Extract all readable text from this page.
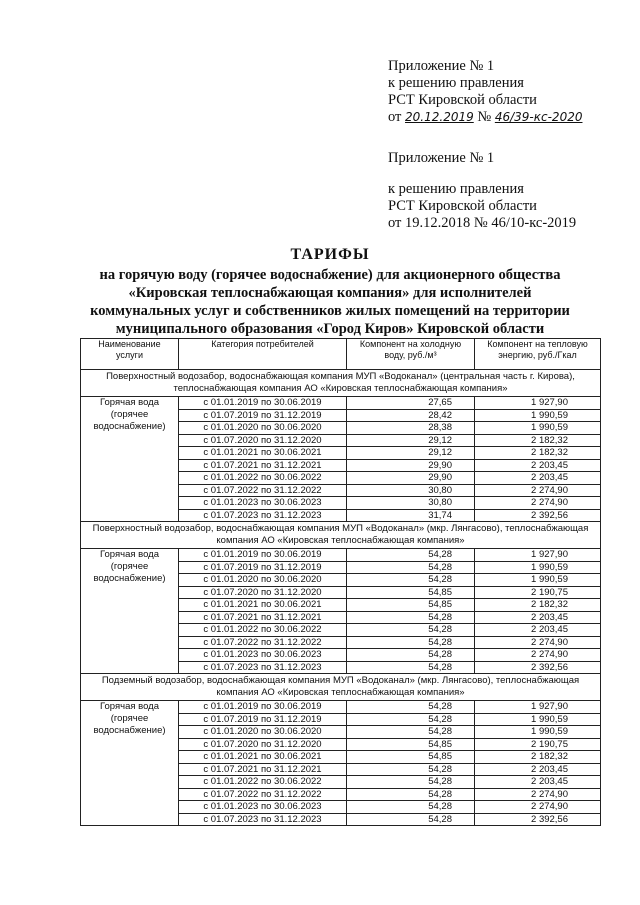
Приложение № 1
к решению правления
РСТ Кировской области
от 20.12.2019 № 46/39-кс-2020
Приложение № 1
к решению правления
РСТ Кировской области
от 19.12.2018 № 46/10-кс-2019
ТАРИФЫ
на горячую воду (горячее водоснабжение) для акционерного общества
«Кировская теплоснабжающая компания» для исполнителей
коммунальных услуг и собственников жилых помещений на территории
муниципального образования «Город Киров» Кировской области
Наименование услуги	Категория потребителей	Компонент на холодную воду, руб./м³	Компонент на тепловую энергию, руб./Гкал
Поверхностный водозабор, водоснабжающая компания МУП «Водоканал» (центральная часть г. Кирова), теплоснабжающая компания АО «Кировская теплоснабжающая компания»			

Горячая вода
(горячее
водоснабжение)	с 01.01.2019 по 30.06.2019	27,65	1 927,90
	с 01.07.2019 по 31.12.2019	28,42	1 990,59
	с 01.01.2020 по 30.06.2020	28,38	1 990,59
	с 01.07.2020 по 31.12.2020	29,12	2 182,32
	с 01.01.2021 по 30.06.2021	29,12	2 182,32
	с 01.07.2021 по 31.12.2021	29,90	2 203,45
	с 01.01.2022 по 30.06.2022	29,90	2 203,45
	с 01.07.2022 по 31.12.2022	30,80	2 274,90
	с 01.01.2023 по 30.06.2023	30,80	2 274,90
	с 01.07.2023 по 31.12.2023	31,74	2 392,56
Поверхностный водозабор, водоснабжающая компания МУП «Водоканал» (мкр. Лянгасово), теплоснабжающая компания АО «Кировская теплоснабжающая компания»			

Горячая вода
(горячее
водоснабжение)	с 01.01.2019 по 30.06.2019	54,28	1 927,90
	с 01.07.2019 по 31.12.2019	54,28	1 990,59
	с 01.01.2020 по 30.06.2020	54,28	1 990,59
	с 01.07.2020 по 31.12.2020	54,85	2 190,75
	с 01.01.2021 по 30.06.2021	54,85	2 182,32
	с 01.07.2021 по 31.12.2021	54,28	2 203,45
	с 01.01.2022 по 30.06.2022	54,28	2 203,45
	с 01.07.2022 по 31.12.2022	54,28	2 274,90
	с 01.01.2023 по 30.06.2023	54,28	2 274,90
	с 01.07.2023 по 31.12.2023	54,28	2 392,56
Подземный водозабор, водоснабжающая компания МУП «Водоканал» (мкр. Лянгасово), теплоснабжающая компания АО «Кировская теплоснабжающая компания»			

Горячая вода
(горячее
водоснабжение)	с 01.01.2019 по 30.06.2019	54,28	1 927,90
	с 01.07.2019 по 31.12.2019	54,28	1 990,59
	с 01.01.2020 по 30.06.2020	54,28	1 990,59
	с 01.07.2020 по 31.12.2020	54,85	2 190,75
	с 01.01.2021 по 30.06.2021	54,85	2 182,32
	с 01.07.2021 по 31.12.2021	54,28	2 203,45
	с 01.01.2022 по 30.06.2022	54,28	2 203,45
	с 01.07.2022 по 31.12.2022	54,28	2 274,90
	с 01.01.2023 по 30.06.2023	54,28	2 274,90
	с 01.07.2023 по 31.12.2023	54,28	2 392,56
